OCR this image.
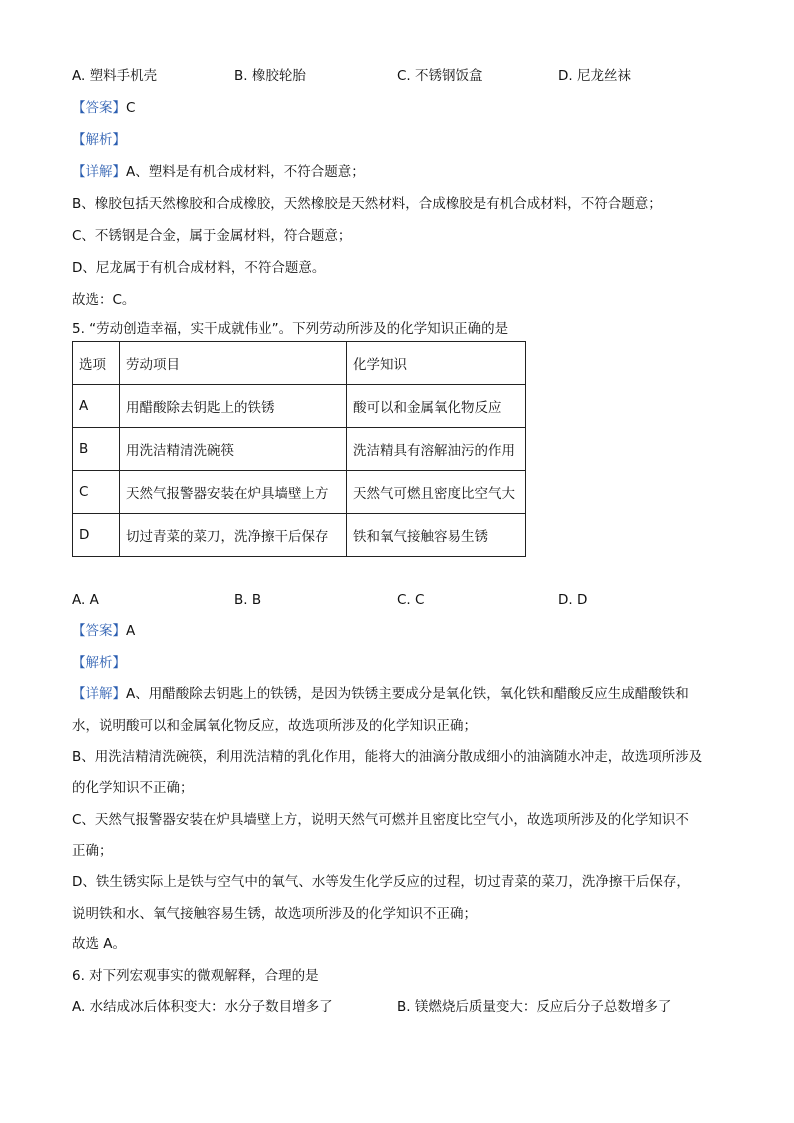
A. 塑料手机壳	B. 橡胶轮胎	C. 不锈钢饭盒	D. 尼龙丝袜
【答案】C
【解析】
【详解】A、塑料是有机合成材料，不符合题意；
B、橡胶包括天然橡胶和合成橡胶，天然橡胶是天然材料，合成橡胶是有机合成材料，不符合题意；
C、不锈钢是合金，属于金属材料，符合题意；
D、尼龙属于有机合成材料，不符合题意。
故选：C。
5. “劳动创造幸福，实干成就伟业”。下列劳动所涉及的化学知识正确的是
选项	劳动项目	化学知识
A	用醋酸除去钥匙上的铁锈	酸可以和金属氧化物反应
B	用洗洁精清洗碗筷	洗洁精具有溶解油污的作用
C	天然气报警器安装在炉具墙壁上方	天然气可燃且密度比空气大
D	切过青菜的菜刀，洗净擦干后保存	铁和氧气接触容易生锈
A. A	B. B	C. C	D. D
【答案】A
【解析】
【详解】A、用醋酸除去钥匙上的铁锈，是因为铁锈主要成分是氧化铁，氧化铁和醋酸反应生成醋酸铁和
水，说明酸可以和金属氧化物反应，故选项所涉及的化学知识正确；
B、用洗洁精清洗碗筷，利用洗洁精的乳化作用，能将大的油滴分散成细小的油滴随水冲走，故选项所涉及
的化学知识不正确；
C、天然气报警器安装在炉具墙壁上方，说明天然气可燃并且密度比空气小，故选项所涉及的化学知识不
正确；
D、铁生锈实际上是铁与空气中的氧气、水等发生化学反应的过程，切过青菜的菜刀，洗净擦干后保存，
说明铁和水、氧气接触容易生锈，故选项所涉及的化学知识不正确；
故选 A。
6. 对下列宏观事实的微观解释，合理的是
A. 水结成冰后体积变大：水分子数目增多了	B. 镁燃烧后质量变大：反应后分子总数增多了
